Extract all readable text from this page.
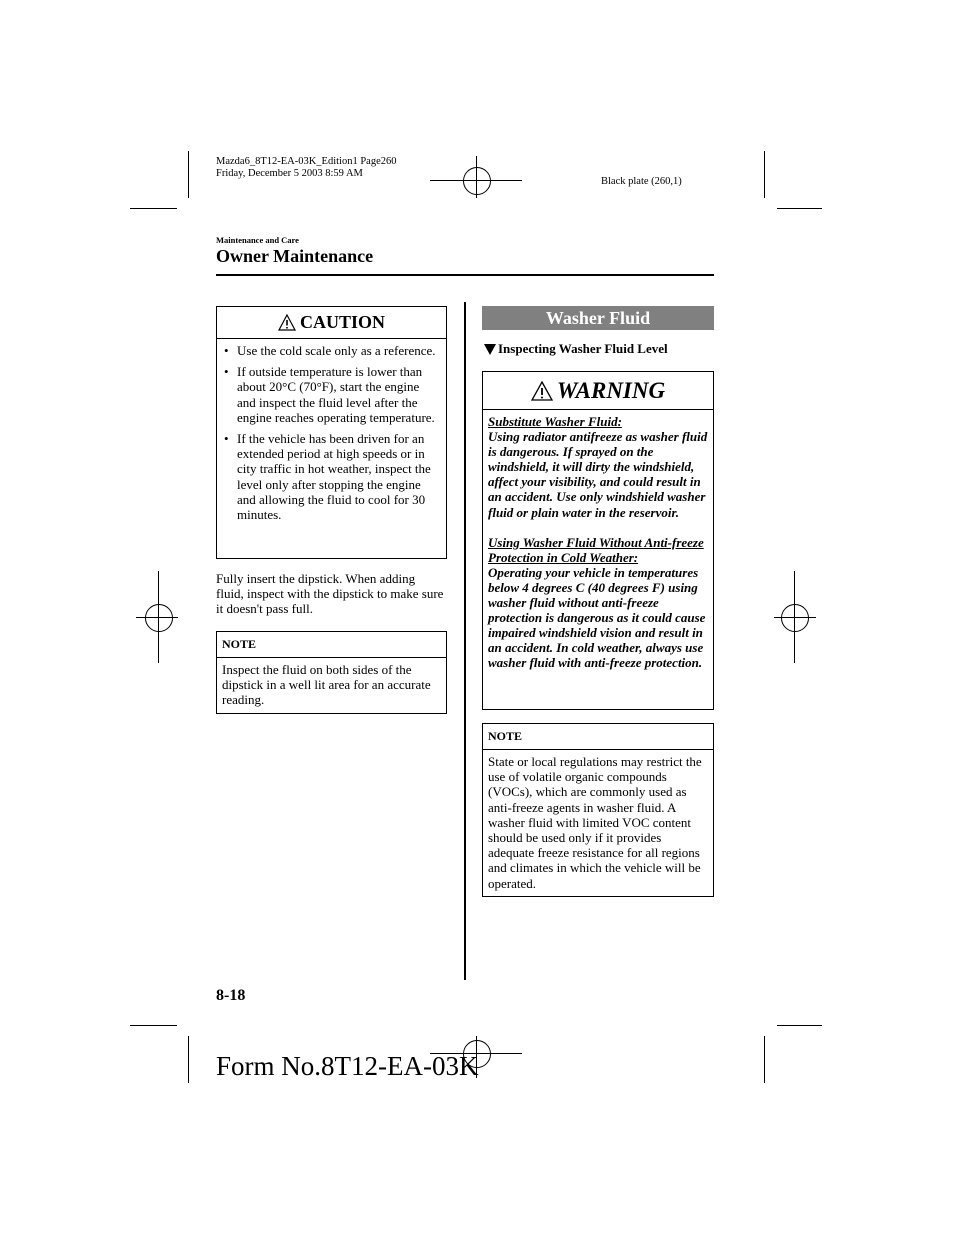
Mazda6_8T12-EA-03K_Edition1 Page260
Friday, December 5 2003 8:59 AM
Black plate (260,1)
Maintenance and Care
Owner Maintenance
CAUTION
• Use the cold scale only as a reference.
• If outside temperature is lower than about 20°C (70°F), start the engine and inspect the fluid level after the engine reaches operating temperature.
• If the vehicle has been driven for an extended period at high speeds or in city traffic in hot weather, inspect the level only after stopping the engine and allowing the fluid to cool for 30 minutes.
Fully insert the dipstick. When adding fluid, inspect with the dipstick to make sure it doesn't pass full.
NOTE
Inspect the fluid on both sides of the dipstick in a well lit area for an accurate reading.
Washer Fluid
Inspecting Washer Fluid Level
WARNING

Substitute Washer Fluid:

Using radiator antifreeze as washer fluid is dangerous. If sprayed on the windshield, it will dirty the windshield, affect your visibility, and could result in an accident. Use only windshield washer fluid or plain water in the reservoir.

Using Washer Fluid Without Anti-freeze Protection in Cold Weather:

Operating your vehicle in temperatures below 4 degrees C (40 degrees F) using washer fluid without anti-freeze protection is dangerous as it could cause impaired windshield vision and result in an accident. In cold weather, always use washer fluid with anti-freeze protection.

NOTE
State or local regulations may restrict the use of volatile organic compounds (VOCs), which are commonly used as anti-freeze agents in washer fluid. A washer fluid with limited VOC content should be used only if it provides adequate freeze resistance for all regions and climates in which the vehicle will be operated.
8-18
Form No.8T12-EA-03K
